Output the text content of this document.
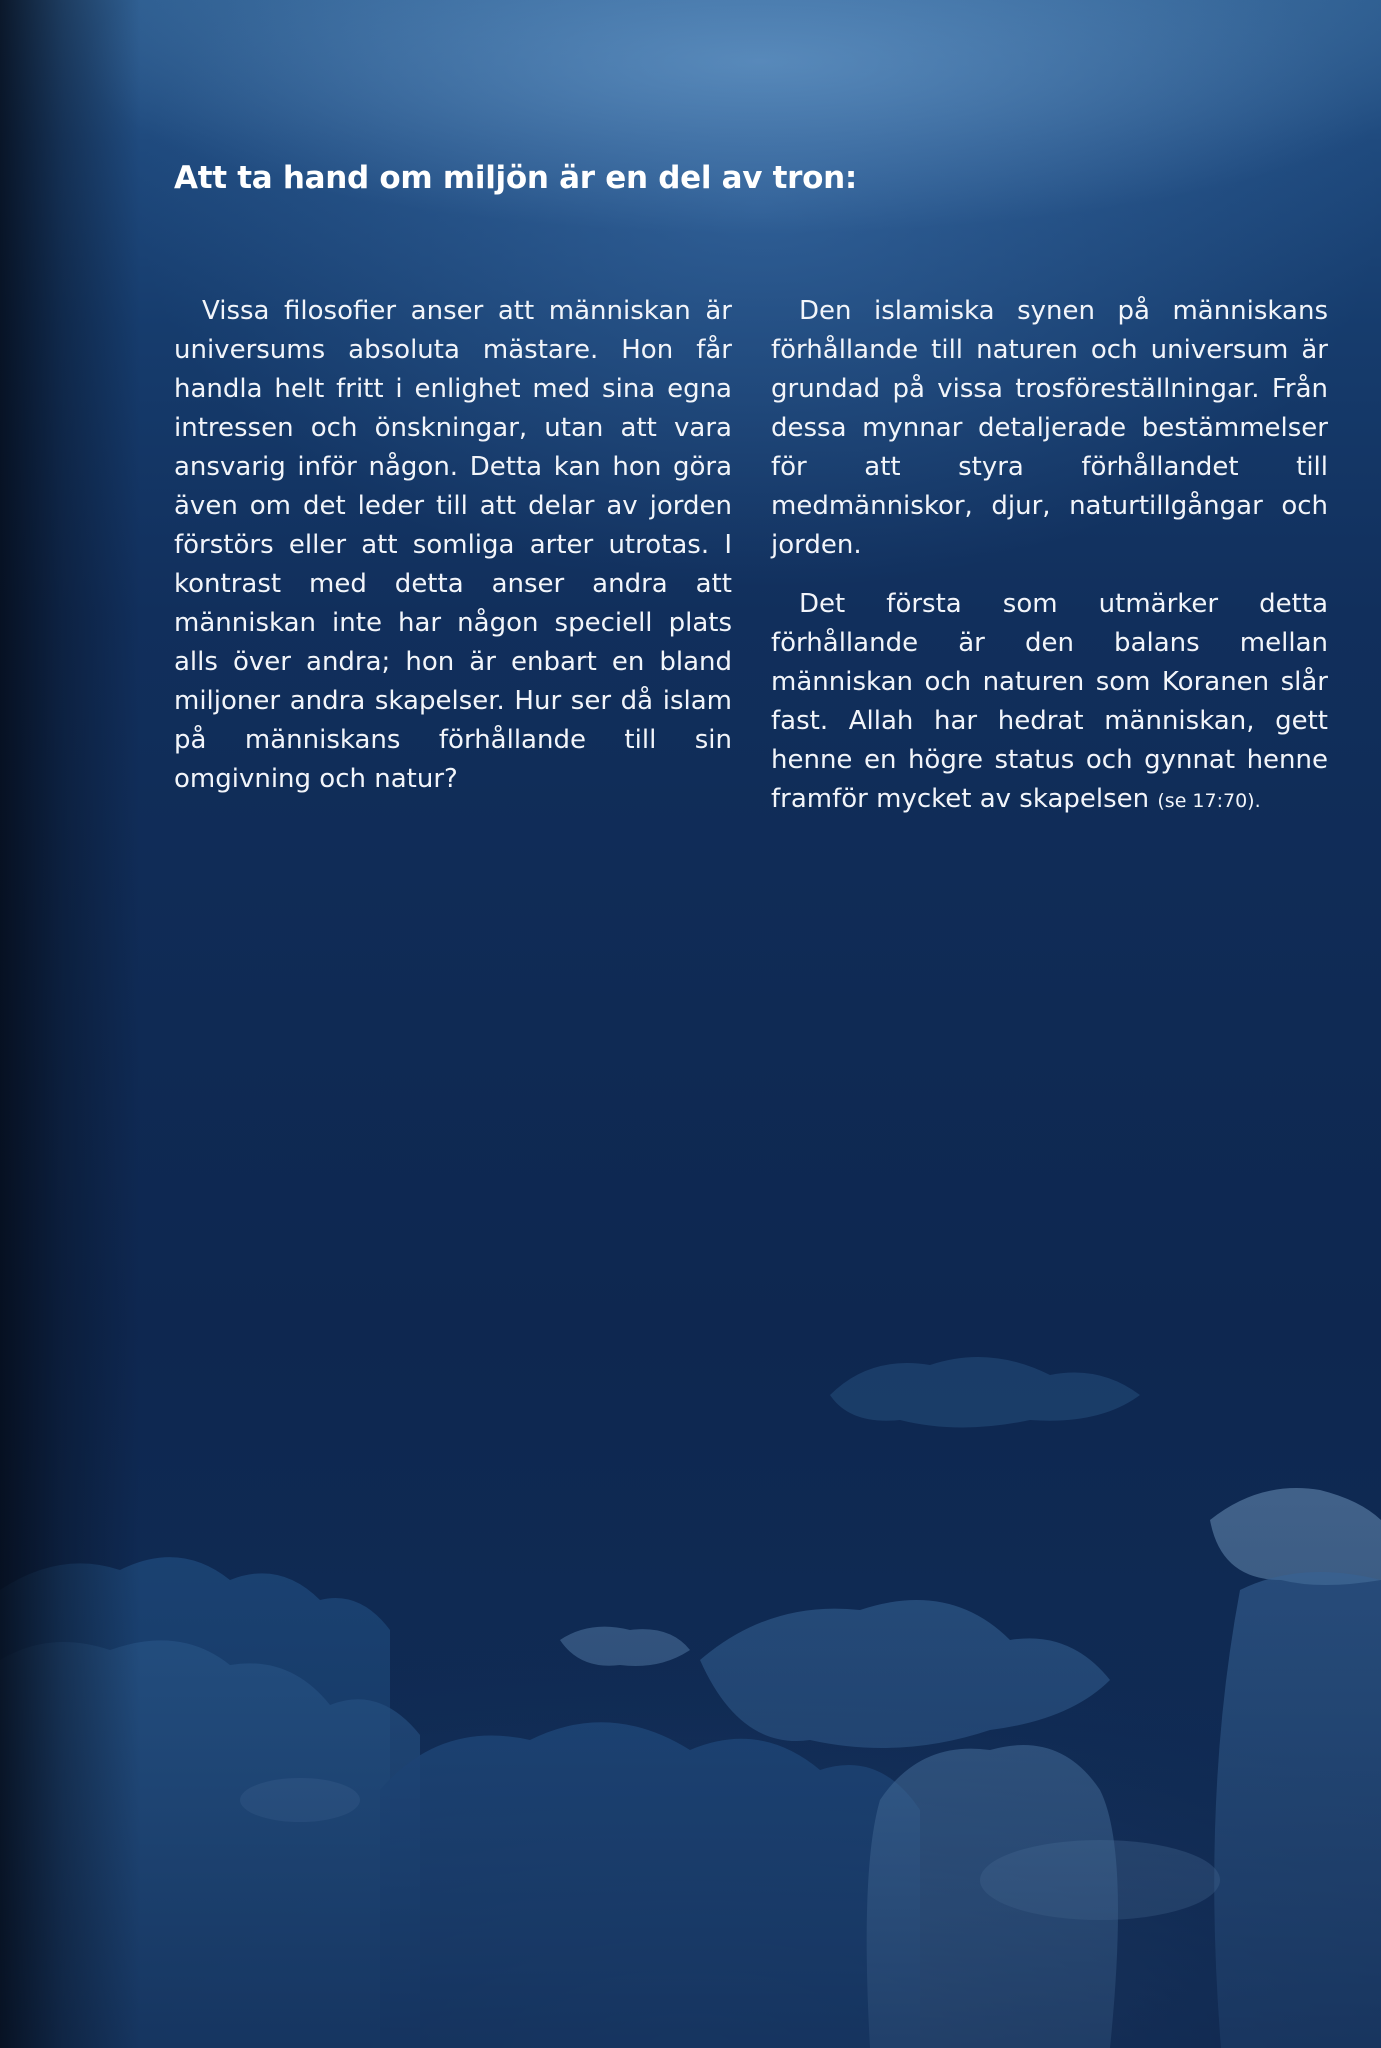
Att ta hand om miljön är en del av tron:

Vissa filosofier anser att människan är universums absoluta mästare. Hon får handla helt fritt i enlighet med sina egna intressen och önskningar, utan att vara ansvarig inför någon. Detta kan hon göra även om det leder till att delar av jorden förstörs eller att somliga arter utrotas. I kontrast med detta anser andra att människan inte har någon speciell plats alls över andra; hon är enbart en bland miljoner andra skapelser. Hur ser då islam på människans förhållande till sin omgivning och natur?

Den islamiska synen på människans förhållande till naturen och universum är grundad på vissa trosföreställningar. Från dessa mynnar detaljerade bestämmelser för att styra förhållandet till medmänniskor, djur, naturtillgångar och jorden.

Det första som utmärker detta förhållande är den balans mellan människan och naturen som Koranen slår fast. Allah har hedrat människan, gett henne en högre status och gynnat henne framför mycket av skapelsen (se 17:70).
